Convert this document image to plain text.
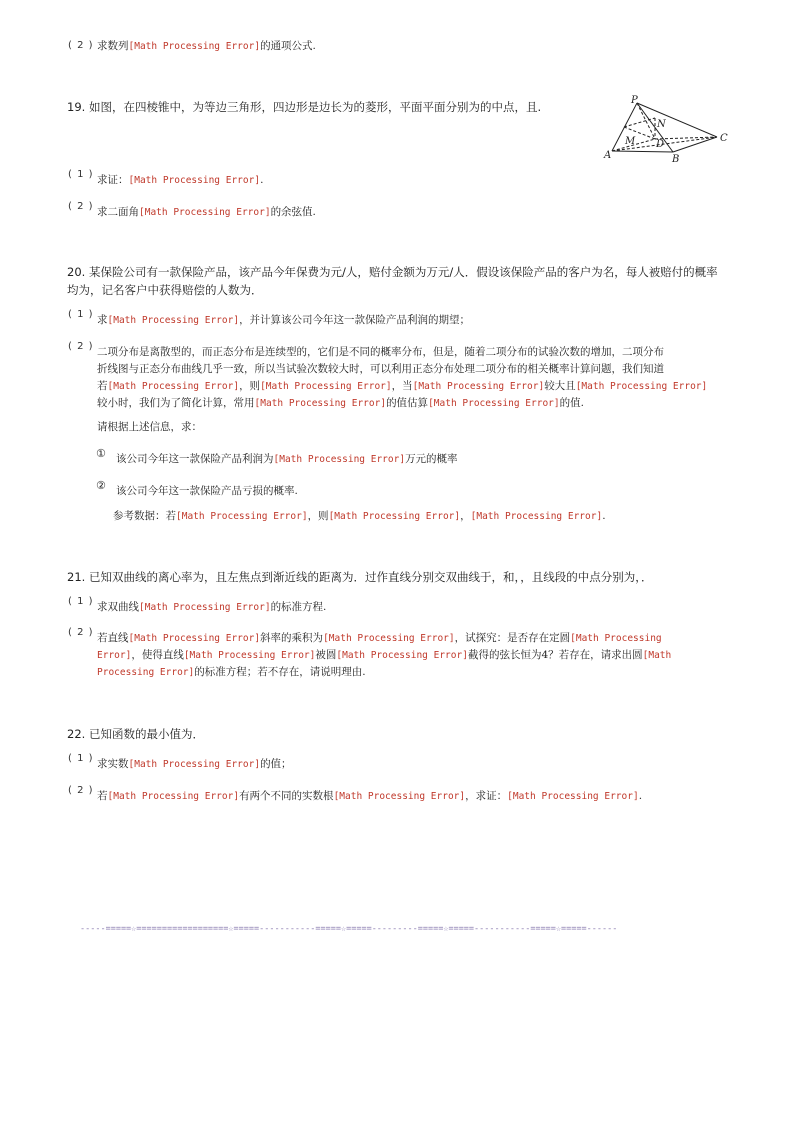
( 2 ) 求数列[Math Processing Error]的通项公式.
19. 如图，在四棱锥中，为等边三角形，四边形是边长为的菱形，平面平面分别为的中点，且.	P
N
C
M D
A	B
( 1 ) 求证：[Math Processing Error].
( 2 ) 求二面角[Math Processing Error]的余弦值.
20. 某保险公司有一款保险产品，该产品今年保费为元/人，赔付金额为万元/人．假设该保险产品的客户为名，每人被赔付的概率
均为，记名客户中获得赔偿的人数为．
( 1 ) 求[Math Processing Error]，并计算该公司今年这一款保险产品利润的期望；
( 2 ) 二项分布是离散型的，而正态分布是连续型的，它们是不同的概率分布，但是，随着二项分布的试验次数的增加，二项分布
折线图与正态分布曲线几乎一致，所以当试验次数较大时，可以利用正态分布处理二项分布的相关概率计算问题，我们知道
若[Math Processing Error]，则[Math Processing Error]，当[Math Processing Error]较大且[Math Processing Error]
较小时，我们为了简化计算，常用[Math Processing Error]的值估算[Math Processing Error]的值.
请根据上述信息，求：
① 该公司今年这一款保险产品利润为[Math Processing Error]万元的概率
② 该公司今年这一款保险产品亏损的概率.
参考数据：若[Math Processing Error]，则[Math Processing Error]，[Math Processing Error].
21. 已知双曲线的离心率为，且左焦点到渐近线的距离为．过作直线分别交双曲线于，和，，且线段的中点分别为，．
( 1 ) 求双曲线[Math Processing Error]的标准方程.
( 2 ) 若直线[Math Processing Error]斜率的乘积为[Math Processing Error]，试探究：是否存在定圆[Math Processing
Error]，使得直线[Math Processing Error]被圆[Math Processing Error]截得的弦长恒为4？若存在，请求出圆[Math
Processing Error]的标准方程；若不存在，请说明理由.
22. 已知函数的最小值为．
( 1 ) 求实数[Math Processing Error]的值；
( 2 ) 若[Math Processing Error]有两个不同的实数根[Math Processing Error]，求证：[Math Processing Error].
-----=====☆==================☆=====-----------=====☆=====---------=====☆=====-----------=====☆=====------
